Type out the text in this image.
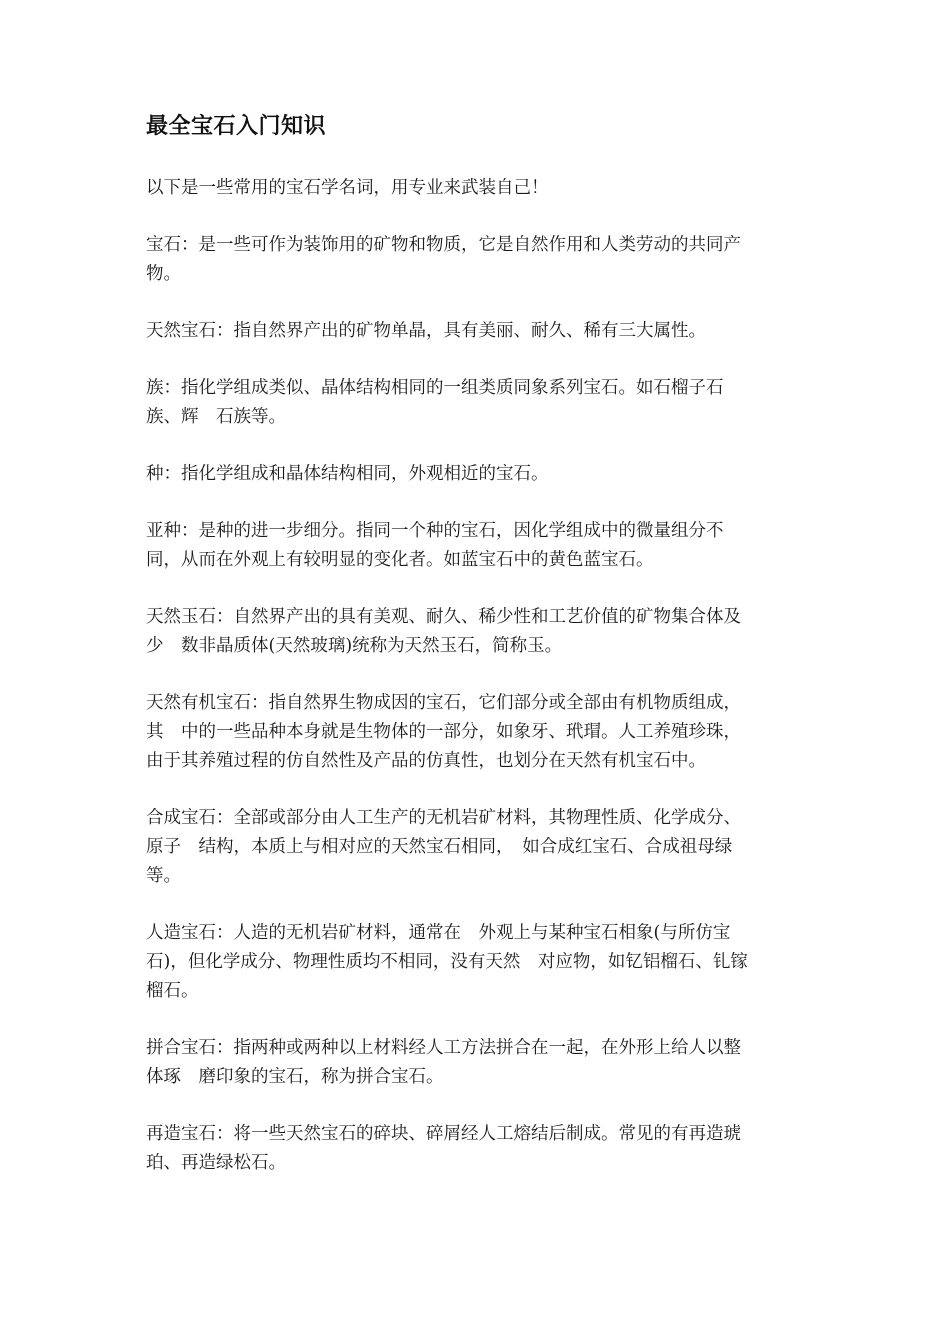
最全宝石入门知识

以下是一些常用的宝石学名词，用专业来武装自己！

宝石：是一些可作为装饰用的矿物和物质，它是自然作用和人类劳动的共同产
物。

天然宝石：指自然界产出的矿物单晶，具有美丽、耐久、稀有三大属性。

族：指化学组成类似、晶体结构相同的一组类质同象系列宝石。如石榴子石
族、辉　石族等。

种：指化学组成和晶体结构相同，外观相近的宝石。

亚种：是种的进一步细分。指同一个种的宝石，因化学组成中的微量组分不
同，从而在外观上有较明显的变化者。如蓝宝石中的黄色蓝宝石。

天然玉石：自然界产出的具有美观、耐久、稀少性和工艺价值的矿物集合体及
少　数非晶质体(天然玻璃)统称为天然玉石，简称玉。

天然有机宝石：指自然界生物成因的宝石，它们部分或全部由有机物质组成，
其　中的一些品种本身就是生物体的一部分，如象牙、玳瑁。人工养殖珍珠，
由于其养殖过程的仿自然性及产品的仿真性，也划分在天然有机宝石中。

合成宝石：全部或部分由人工生产的无机岩矿材料，其物理性质、化学成分、
原子　结构，本质上与相对应的天然宝石相同，　如合成红宝石、合成祖母绿
等。

人造宝石：人造的无机岩矿材料，通常在　外观上与某种宝石相象(与所仿宝
石)，但化学成分、物理性质均不相同，没有天然　对应物，如钇铝榴石、钆镓
榴石。

拼合宝石：指两种或两种以上材料经人工方法拼合在一起，在外形上给人以整
体琢　磨印象的宝石，称为拼合宝石。

再造宝石：将一些天然宝石的碎块、碎屑经人工熔结后制成。常见的有再造琥
珀、再造绿松石。
